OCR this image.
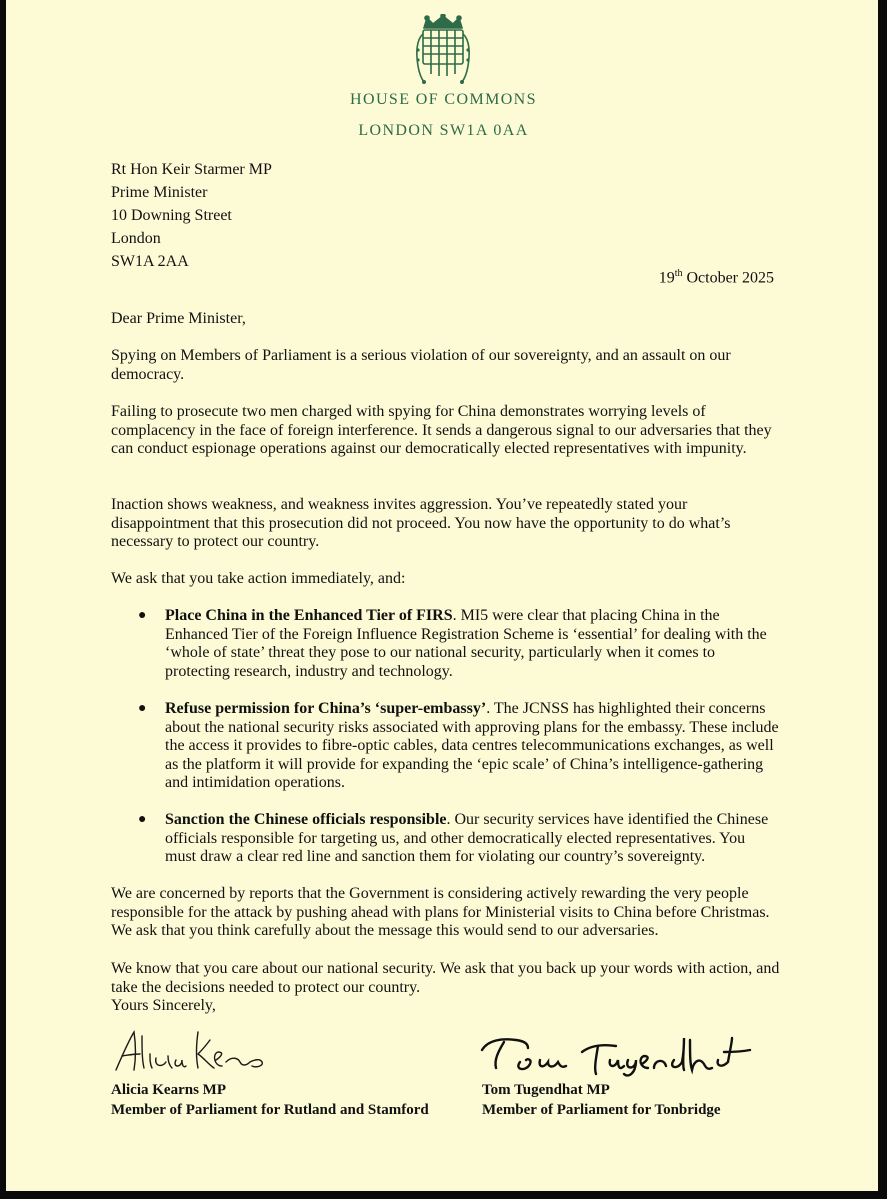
HOUSE OF COMMONS
LONDON SW1A 0AA
Rt Hon Keir Starmer MP
Prime Minister
10 Downing Street
London
SW1A 2AA
19th October 2025

Dear Prime Minister,

Spying on Members of Parliament is a serious violation of our sovereignty, and an assault on our democracy.

Failing to prosecute two men charged with spying for China demonstrates worrying levels of complacency in the face of foreign interference. It sends a dangerous signal to our adversaries that they can conduct espionage operations against our democratically elected representatives with impunity.

Inaction shows weakness, and weakness invites aggression. You’ve repeatedly stated your disappointment that this prosecution did not proceed. You now have the opportunity to do what’s necessary to protect our country.

We ask that you take action immediately, and:

● Place China in the Enhanced Tier of FIRS. MI5 were clear that placing China in the Enhanced Tier of the Foreign Influence Registration Scheme is ‘essential’ for dealing with the ‘whole of state’ threat they pose to our national security, particularly when it comes to protecting research, industry and technology.

● Refuse permission for China’s ‘super-embassy’. The JCNSS has highlighted their concerns about the national security risks associated with approving plans for the embassy. These include the access it provides to fibre-optic cables, data centres telecommunications exchanges, as well as the platform it will provide for expanding the ‘epic scale’ of China’s intelligence-gathering and intimidation operations.

● Sanction the Chinese officials responsible. Our security services have identified the Chinese officials responsible for targeting us, and other democratically elected representatives. You must draw a clear red line and sanction them for violating our country’s sovereignty.

We are concerned by reports that the Government is considering actively rewarding the very people responsible for the attack by pushing ahead with plans for Ministerial visits to China before Christmas. We ask that you think carefully about the message this would send to our adversaries.

We know that you care about our national security. We ask that you back up your words with action, and take the decisions needed to protect our country.

Yours Sincerely,

Alicia Kearns MP
Member of Parliament for Rutland and Stamford
Tom Tugendhat MP
Member of Parliament for Tonbridge
